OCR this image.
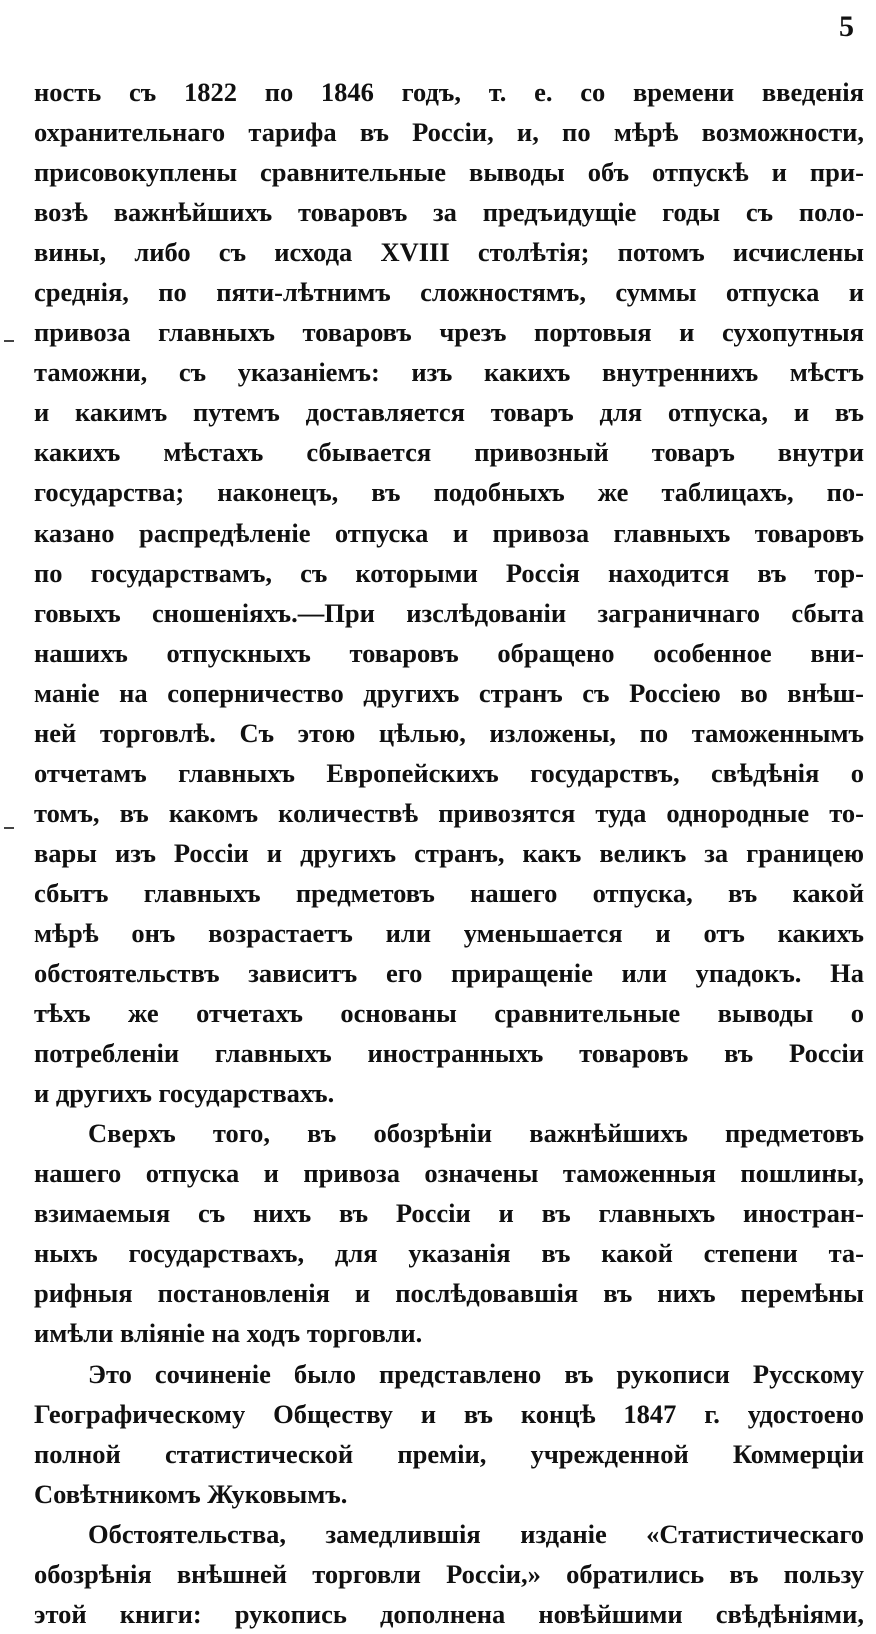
5
ность съ 1822 по 1846 годъ, т. е. со времени введенія
охранительнаго тарифа въ Россіи, и, по мѣрѣ возможности,
присовокуплены сравнительные выводы объ отпускѣ и при-
возѣ важнѣйшихъ товаровъ за предъидущіе годы съ поло-
вины, либо съ исхода XVIII столѣтія; потомъ исчислены
среднія, по пяти-лѣтнимъ сложностямъ, суммы отпуска и
привоза главныхъ товаровъ чрезъ портовыя и сухопутныя
таможни, съ указаніемъ: изъ какихъ внутреннихъ мѣстъ
и какимъ путемъ доставляется товаръ для отпуска, и въ
какихъ мѣстахъ сбывается привозный товаръ внутри
государства; наконецъ, въ подобныхъ же таблицахъ, по-
казано распредѣленіе отпуска и привоза главныхъ товаровъ
по государствамъ, съ которыми Россія находится въ тор-
говыхъ сношеніяхъ.—При изслѣдованіи заграничнаго сбыта
нашихъ отпускныхъ товаровъ обращено особенное вни-
маніе на соперничество другихъ странъ съ Россіею во внѣш-
ней торговлѣ. Съ этою цѣлью, изложены, по таможеннымъ
отчетамъ главныхъ Европейскихъ государствъ, свѣдѣнія о
томъ, въ какомъ количествѣ привозятся туда однородные то-
вары изъ Россіи и другихъ странъ, какъ великъ за границею
сбытъ главныхъ предметовъ нашего отпуска, въ какой
мѣрѣ онъ возрастаетъ или уменьшается и отъ какихъ
обстоятельствъ зависитъ его приращеніе или упадокъ. На
тѣхъ же отчетахъ основаны сравнительные выводы о
потребленіи главныхъ иностранныхъ товаровъ въ Россіи
и другихъ государствахъ.
Сверхъ того, въ обозрѣніи важнѣйшихъ предметовъ
нашего отпуска и привоза означены таможенныя пошлины,
взимаемыя съ нихъ въ Россіи и въ главныхъ иностран-
ныхъ государствахъ, для указанія въ какой степени та-
рифныя постановленія и послѣдовавшія въ нихъ перемѣны
имѣли вліяніе на ходъ торговли.
Это сочиненіе было представлено въ рукописи Русскому
Географическому Обществу и въ концѣ 1847 г. удостоено
полной статистической преміи, учрежденной Коммерціи
Совѣтникомъ Жуковымъ.
Обстоятельства, замедлившія изданіе «Статистическаго
обозрѣнія внѣшней торговли Россіи,» обратились въ пользу
этой книги: рукопись дополнена новѣйшими свѣдѣніями,
